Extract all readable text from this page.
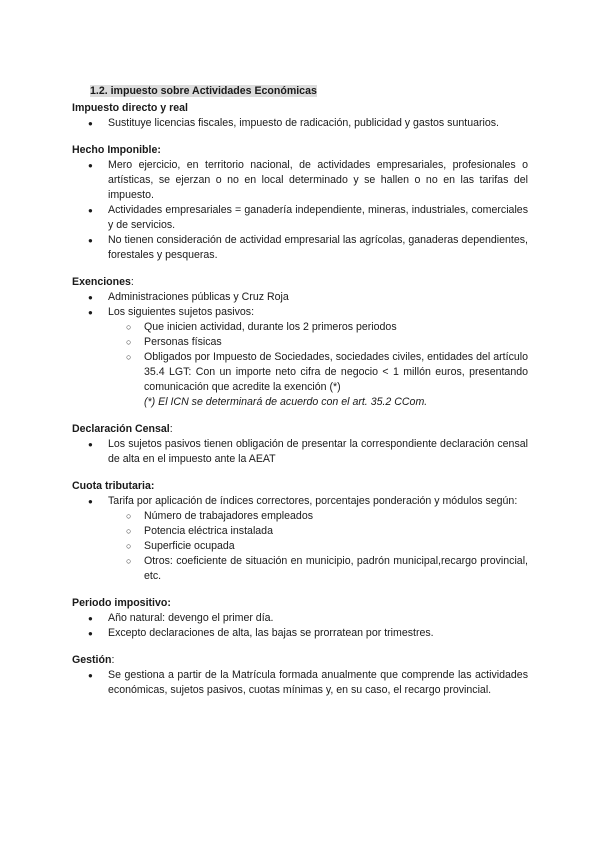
1.2. impuesto sobre Actividades Económicas
Impuesto directo y real
● Sustituye licencias fiscales, impuesto de radicación, publicidad y gastos suntuarios.
Hecho Imponible:
● Mero ejercicio, en territorio nacional, de actividades empresariales, profesionales o artísticas, se ejerzan o no en local determinado y se hallen o no en las tarifas del impuesto.
● Actividades empresariales = ganadería independiente, mineras, industriales, comerciales y de servicios.
● No tienen consideración de actividad empresarial las agrícolas, ganaderas dependientes, forestales y pesqueras.
Exenciones:
● Administraciones públicas y Cruz Roja
● Los siguientes sujetos pasivos:
○ Que inicien actividad, durante los 2 primeros periodos
○ Personas físicas
○ Obligados por Impuesto de Sociedades, sociedades civiles, entidades del artículo 35.4 LGT: Con un importe neto cifra de negocio < 1 millón euros, presentando comunicación que acredite la exención (*)
(*) El ICN se determinará de acuerdo con el art. 35.2 CCom.
Declaración Censal:
● Los sujetos pasivos tienen obligación de presentar la correspondiente declaración censal de alta en el impuesto ante la AEAT
Cuota tributaria:
● Tarifa por aplicación de índices correctores, porcentajes ponderación y módulos según:
○ Número de trabajadores empleados
○ Potencia eléctrica instalada
○ Superficie ocupada
○ Otros: coeficiente de situación en municipio, padrón municipal,recargo provincial, etc.
Periodo impositivo:
● Año natural: devengo el primer día.
● Excepto declaraciones de alta, las bajas se prorratean por trimestres.
Gestión:
● Se gestiona a partir de la Matrícula formada anualmente que comprende las actividades económicas, sujetos pasivos, cuotas mínimas y, en su caso, el recargo provincial.
